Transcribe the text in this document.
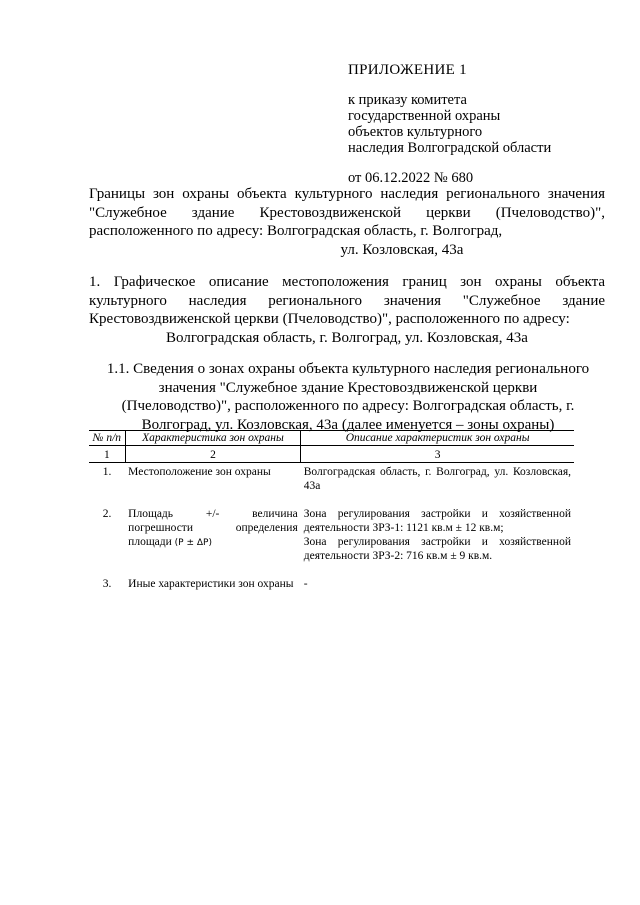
ПРИЛОЖЕНИЕ 1
к приказу комитета
государственной охраны
объектов культурного
наследия Волгоградской области
от 06.12.2022 № 680
Границы зон охраны объекта культурного наследия регионального значения "Служебное здание Крестовоздвиженской церкви (Пчеловодство)", расположенного по адресу: Волгоградская область, г. Волгоград,
ул. Козловская, 43а
1. Графическое описание местоположения границ зон охраны объекта культурного наследия регионального значения "Служебное здание Крестовоздвиженской церкви (Пчеловодство)", расположенного по адресу:
Волгоградская область, г. Волгоград, ул. Козловская, 43а
1.1. Сведения о зонах охраны объекта культурного наследия регионального значения "Служебное здание Крестовоздвиженской церкви (Пчеловодство)", расположенного по адресу: Волгоградская область, г. Волгоград, ул. Козловская, 43а (далее именуется – зоны охраны)
№ п/п	Характеристика зон охраны	Описание характеристик зон охраны
1	2	3
1.	Местоположение зон охраны	Волгоградская область, г. Волгоград, ул. Козловская, 43а
2.	Площадь +/- величина погрешности определения площади (P ± ΔP)	Зона регулирования застройки и хозяйственной деятельности ЗРЗ-1: 1121 кв.м ± 12 кв.м;
Зона регулирования застройки и хозяйственной деятельности ЗРЗ-2: 716 кв.м ± 9 кв.м.

3.	Иные характеристики зон охраны	-
